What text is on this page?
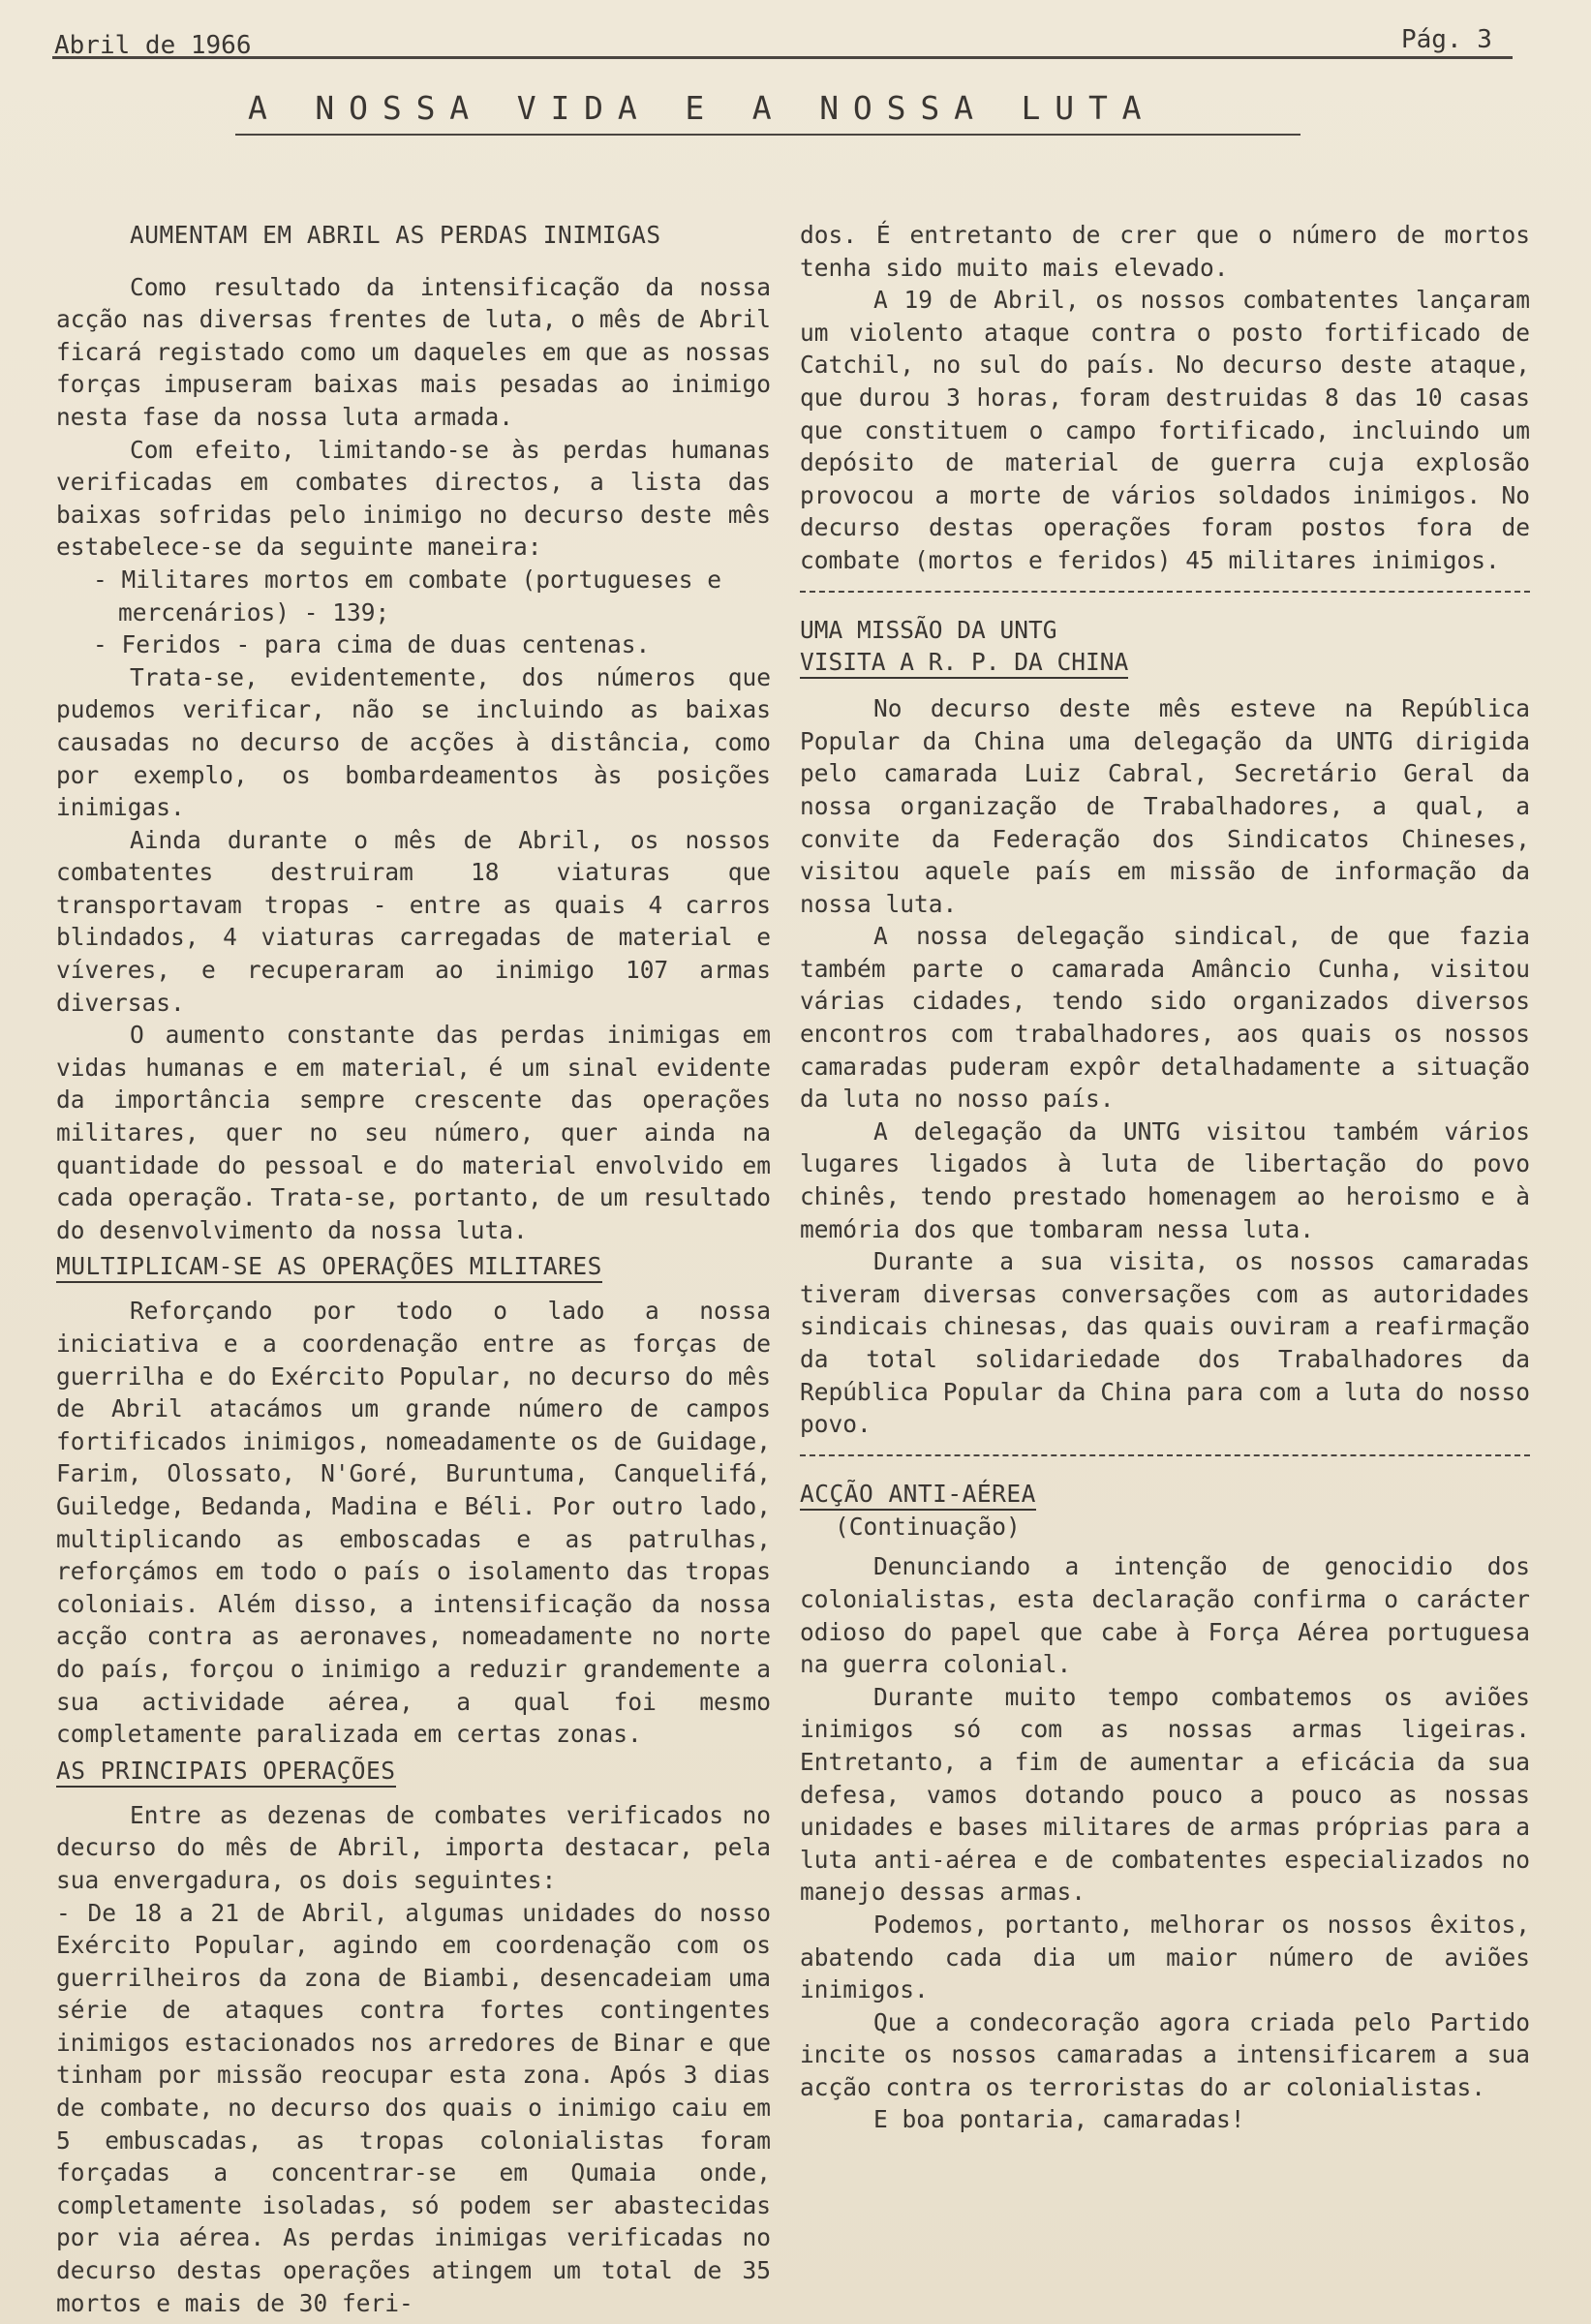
Abril de 1966	Pág. 3
A NOSSA VIDA E A NOSSA LUTA

AUMENTAM EM ABRIL AS PERDAS INIMIGAS

Como resultado da intensificação da nossa acção nas diversas frentes de luta, o mês de Abril ficará registado como um daqueles em que as nossas forças impuseram baixas mais pesadas ao inimigo nesta fase da nossa luta armada.

Com efeito, limitando-se às perdas humanas verificadas em combates directos, a lista das baixas sofridas pelo inimigo no decurso deste mês estabelece-se da seguinte maneira:

- Militares mortos em combate (portugueses e mercenários) - 139;

- Feridos - para cima de duas centenas.

Trata-se, evidentemente, dos números que pudemos verificar, não se incluindo as baixas causadas no decurso de acções à distância, como por exemplo, os bombardeamentos às posições inimigas.

Ainda durante o mês de Abril, os nossos combatentes destruiram 18 viaturas que transportavam tropas - entre as quais 4 carros blindados, 4 viaturas carregadas de material e víveres, e recuperaram ao inimigo 107 armas diversas.

O aumento constante das perdas inimigas em vidas humanas e em material, é um sinal evidente da importância sempre crescente das operações militares, quer no seu número, quer ainda na quantidade do pessoal e do material envolvido em cada operação. Trata-se, portanto, de um resultado do desenvolvimento da nossa luta.

MULTIPLICAM-SE AS OPERAÇÕES MILITARES

Reforçando por todo o lado a nossa iniciativa e a coordenação entre as forças de guerrilha e do Exército Popular, no decurso do mês de Abril atacámos um grande número de campos fortificados inimigos, nomeadamente os de Guidage, Farim, Olossato, N'Goré, Buruntuma, Canquelifá, Guiledge, Bedanda, Madina e Béli. Por outro lado, multiplicando as emboscadas e as patrulhas, reforçámos em todo o país o isolamento das tropas coloniais. Além disso, a intensificação da nossa acção contra as aeronaves, nomeadamente no norte do país, forçou o inimigo a reduzir grandemente a sua actividade aérea, a qual foi mesmo completamente paralizada em certas zonas.

AS PRINCIPAIS OPERAÇÕES

Entre as dezenas de combates verificados no decurso do mês de Abril, importa destacar, pela sua envergadura, os dois seguintes:

- De 18 a 21 de Abril, algumas unidades do nosso Exército Popular, agindo em coordenação com os guerrilheiros da zona de Biambi, desencadeiam uma série de ataques contra fortes contingentes inimigos estacionados nos arredores de Binar e que tinham por missão reocupar esta zona. Após 3 dias de combate, no decurso dos quais o inimigo caiu em 5 embuscadas, as tropas colonialistas foram forçadas a concentrar-se em Qumaia onde, completamente isoladas, só podem ser abastecidas por via aérea. As perdas inimigas verificadas no decurso destas operações atingem um total de 35 mortos e mais de 30 feri-

dos. É entretanto de crer que o número de mortos tenha sido muito mais elevado.

A 19 de Abril, os nossos combatentes lançaram um violento ataque contra o posto fortificado de Catchil, no sul do país. No decurso deste ataque, que durou 3 horas, foram destruidas 8 das 10 casas que constituem o campo fortificado, incluindo um depósito de material de guerra cuja explosão provocou a morte de vários soldados inimigos. No decurso destas operações foram postos fora de combate (mortos e feridos) 45 militares inimigos.

UMA MISSÃO DA UNTG

VISITA A R. P. DA CHINA

No decurso deste mês esteve na República Popular da China uma delegação da UNTG dirigida pelo camarada Luiz Cabral, Secretário Geral da nossa organização de Trabalhadores, a qual, a convite da Federação dos Sindicatos Chineses, visitou aquele país em missão de informação da nossa luta.

A nossa delegação sindical, de que fazia também parte o camarada Amâncio Cunha, visitou várias cidades, tendo sido organizados diversos encontros com trabalhadores, aos quais os nossos camaradas puderam expôr detalhadamente a situação da luta no nosso país.

A delegação da UNTG visitou também vários lugares ligados à luta de libertação do povo chinês, tendo prestado homenagem ao heroismo e à memória dos que tombaram nessa luta.

Durante a sua visita, os nossos camaradas tiveram diversas conversações com as autoridades sindicais chinesas, das quais ouviram a reafirmação da total solidariedade dos Trabalhadores da República Popular da China para com a luta do nosso povo.

ACÇÃO ANTI-AÉREA

(Continuação)

Denunciando a intenção de genocidio dos colonialistas, esta declaração confirma o carácter odioso do papel que cabe à Força Aérea portuguesa na guerra colonial.

Durante muito tempo combatemos os aviões inimigos só com as nossas armas ligeiras. Entretanto, a fim de aumentar a eficácia da sua defesa, vamos dotando pouco a pouco as nossas unidades e bases militares de armas próprias para a luta anti-aérea e de combatentes especializados no manejo dessas armas.

Podemos, portanto, melhorar os nossos êxitos, abatendo cada dia um maior número de aviões inimigos.

Que a condecoração agora criada pelo Partido incite os nossos camaradas a intensificarem a sua acção contra os terroristas do ar colonialistas.

E boa pontaria, camaradas!
